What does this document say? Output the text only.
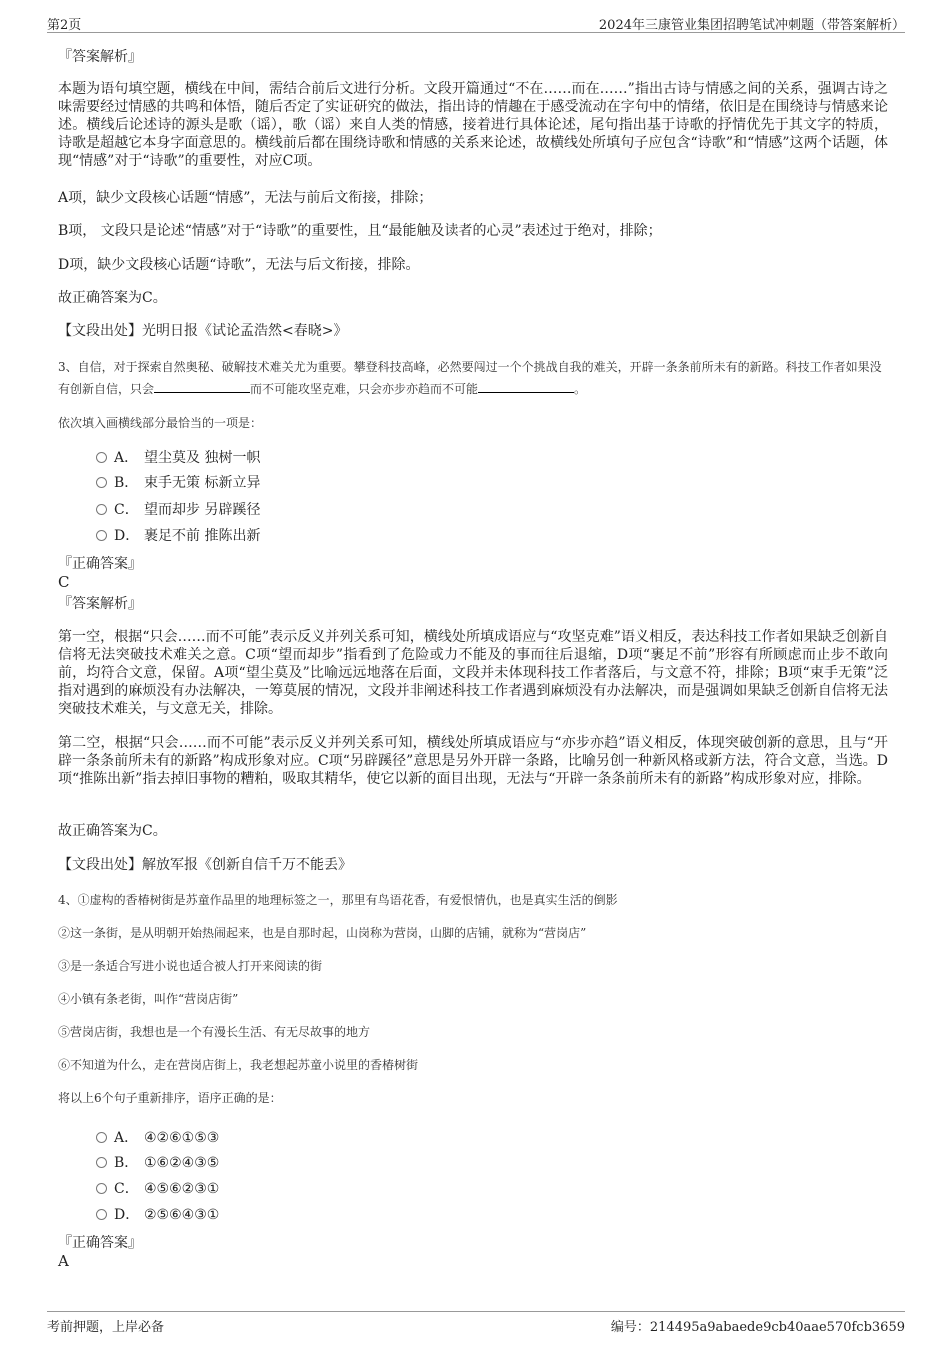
第2页	2024年三康管业集团招聘笔试冲刺题（带答案解析）
『答案解析』
本题为语句填空题，横线在中间，需结合前后文进行分析。文段开篇通过“不在……而在……”指出古诗与情感之间的关系，强调古诗之味需要经过情感的共鸣和体悟，随后否定了实证研究的做法，指出诗的情趣在于感受流动在字句中的情绪，依旧是在围绕诗与情感来论述。横线后论述诗的源头是歌（谣），歌（谣）来自人类的情感，接着进行具体论述，尾句指出基于诗歌的抒情优先于其文字的特质，诗歌是超越它本身字面意思的。横线前后都在围绕诗歌和情感的关系来论述，故横线处所填句子应包含“诗歌”和“情感”这两个话题，体现“情感”对于“诗歌”的重要性，对应C项。
A项，缺少文段核心话题“情感”，无法与前后文衔接，排除；
B项， 文段只是论述“情感”对于“诗歌”的重要性，且“最能触及读者的心灵”表述过于绝对，排除；
D项，缺少文段核心话题“诗歌”，无法与后文衔接，排除。
故正确答案为C。
【文段出处】光明日报《试论孟浩然<春晓>》
3、自信，对于探索自然奥秘、破解技术难关尤为重要。攀登科技高峰，必然要闯过一个个挑战自我的难关，开辟一条条前所未有的新路。科技工作者如果没有创新自信，只会	而不可能攻坚克难，只会亦步亦趋而不可能	。
依次填入画横线部分最恰当的一项是：
A． 望尘莫及 独树一帜
B． 束手无策 标新立异
C． 望而却步 另辟蹊径
D． 裹足不前 推陈出新
『正确答案』
C
『答案解析』
第一空，根据“只会……而不可能”表示反义并列关系可知，横线处所填成语应与“攻坚克难”语义相反，表达科技工作者如果缺乏创新自信将无法突破技术难关之意。C项“望而却步”指看到了危险或力不能及的事而往后退缩，D项“裹足不前”形容有所顾虑而止步不敢向前，均符合文意，保留。A项“望尘莫及”比喻远远地落在后面，文段并未体现科技工作者落后，与文意不符，排除；B项“束手无策”泛指对遇到的麻烦没有办法解决，一筹莫展的情况，文段并非阐述科技工作者遇到麻烦没有办法解决，而是强调如果缺乏创新自信将无法突破技术难关，与文意无关，排除。
第二空，根据“只会……而不可能”表示反义并列关系可知，横线处所填成语应与“亦步亦趋”语义相反，体现突破创新的意思，且与“开辟一条条前所未有的新路”构成形象对应。C项“另辟蹊径”意思是另外开辟一条路，比喻另创一种新风格或新方法，符合文意，当选。D项“推陈出新”指去掉旧事物的糟粕，吸取其精华，使它以新的面目出现，无法与“开辟一条条前所未有的新路”构成形象对应，排除。
故正确答案为C。
【文段出处】解放军报《创新自信千万不能丢》
4、①虚构的香椿树街是苏童作品里的地理标签之一，那里有鸟语花香，有爱恨情仇，也是真实生活的倒影
②这一条街，是从明朝开始热闹起来，也是自那时起，山岗称为营岗，山脚的店铺，就称为“营岗店”
③是一条适合写进小说也适合被人打开来阅读的街
④小镇有条老街，叫作“营岗店街”
⑤营岗店街，我想也是一个有漫长生活、有无尽故事的地方
⑥不知道为什么，走在营岗店街上，我老想起苏童小说里的香椿树街
将以上6个句子重新排序，语序正确的是：
A． ④②⑥①⑤③
B． ①⑥②④③⑤
C． ④⑤⑥②③①
D． ②⑤⑥④③①
『正确答案』
A
考前押题，上岸必备	编号：214495a9abaede9cb40aae570fcb3659
